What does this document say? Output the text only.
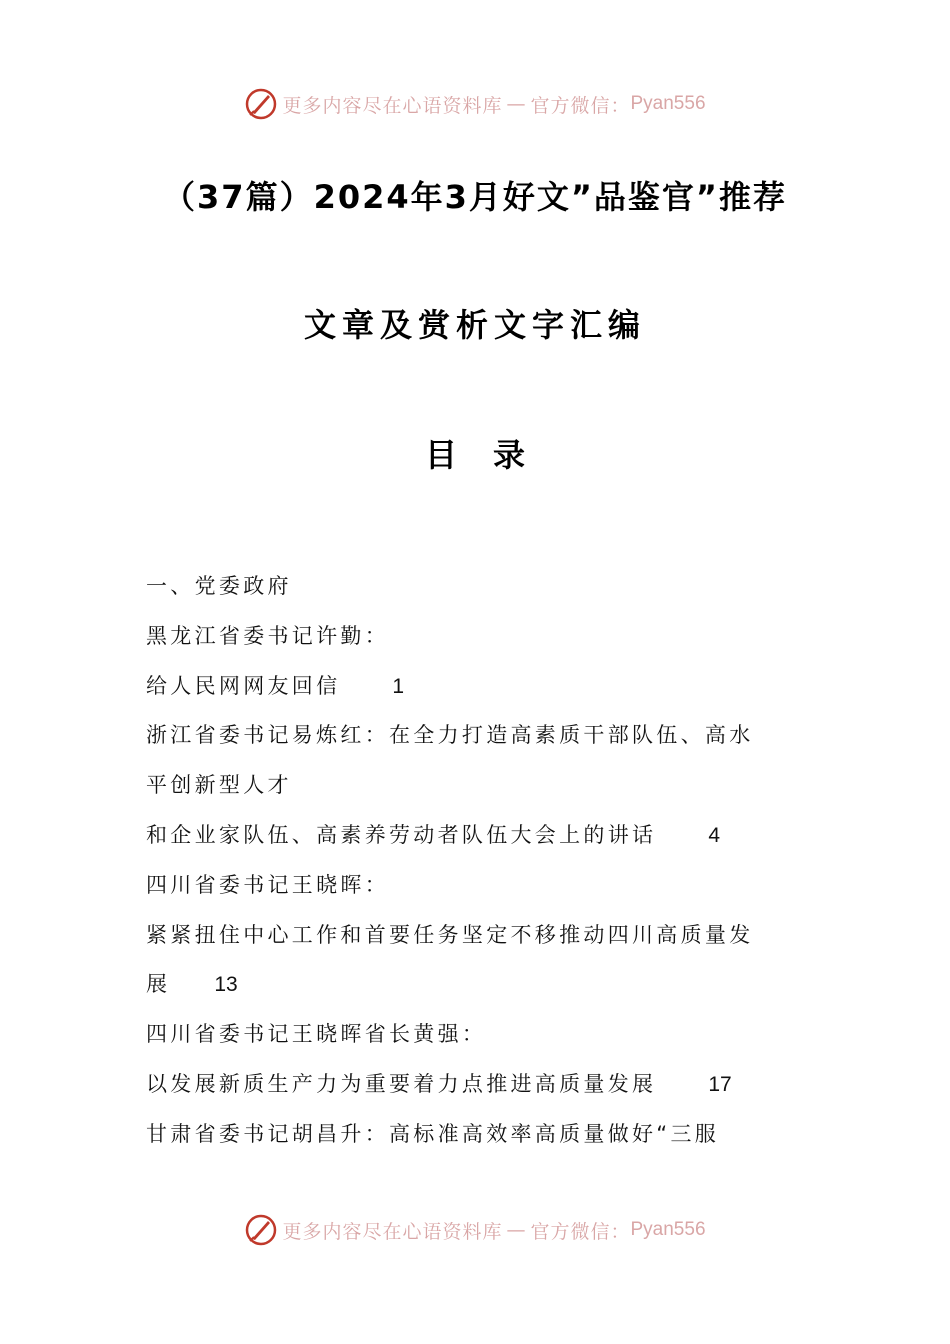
更多内容尽在心语资料库 — 官方微信： Pyan556
（37篇）2024年3月好文”品鉴官”推荐
文章及赏析文字汇编
目录
一、党委政府
黑龙江省委书记许勤：
给人民网网友回信 1
浙江省委书记易炼红：在全力打造高素质干部队伍、高水
平创新型人才
和企业家队伍、高素养劳动者队伍大会上的讲话 4
四川省委书记王晓晖：
紧紧扭住中心工作和首要任务坚定不移推动四川高质量发
展 13
四川省委书记王晓晖省长黄强：
以发展新质生产力为重要着力点推进高质量发展 17
甘肃省委书记胡昌升：高标准高效率高质量做好“三服
更多内容尽在心语资料库 — 官方微信： Pyan556
